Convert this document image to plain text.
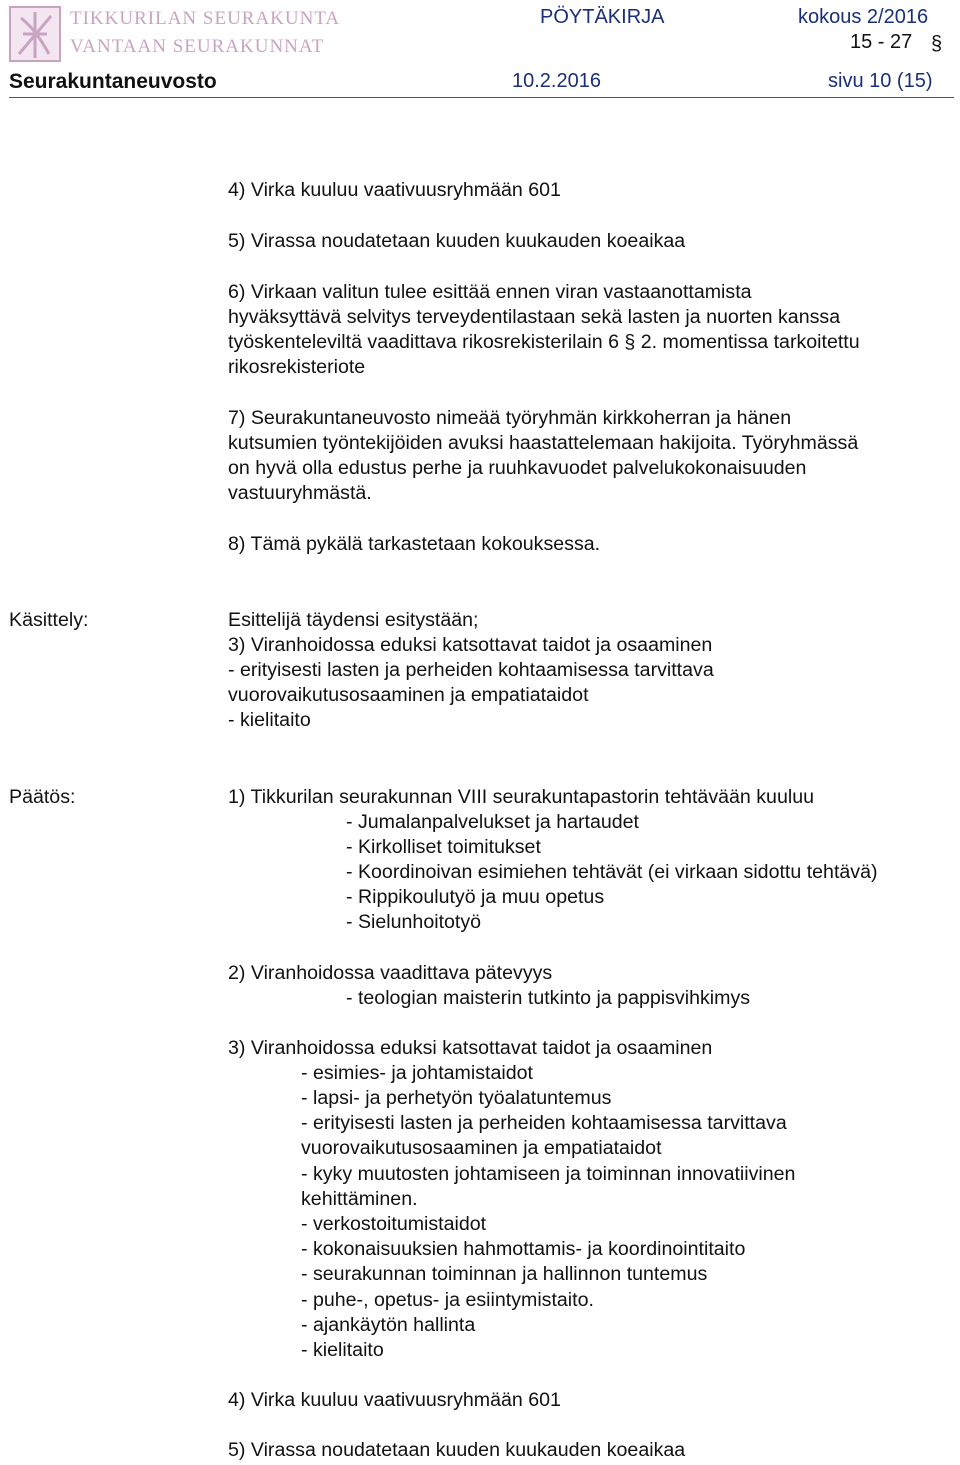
TIKKURILAN SEURAKUNTA

VANTAAN SEURAKUNNAT

PÖYTÄKIRJA	kokous 2/2016

15 - 27 §

Seurakuntaneuvosto	10.2.2016	sivu 10 (15)

4) Virka kuuluu vaativuusryhmään 601

5) Virassa noudatetaan kuuden kuukauden koeaikaa

6) Virkaan valitun tulee esittää ennen viran vastaanottamista

hyväksyttävä selvitys terveydentilastaan sekä lasten ja nuorten kanssa

työskenteleviltä vaadittava rikosrekisterilain 6 § 2. momentissa tarkoitettu

rikosrekisteriote

7) Seurakuntaneuvosto nimeää työryhmän kirkkoherran ja hänen

kutsumien työntekijöiden avuksi haastattelemaan hakijoita. Työryhmässä

on hyvä olla edustus perhe ja ruuhkavuodet palvelukokonaisuuden

vastuuryhmästä.

8) Tämä pykälä tarkastetaan kokouksessa.

Käsittely:	Esittelijä täydensi esitystään;

3) Viranhoidossa eduksi katsottavat taidot ja osaaminen

- erityisesti lasten ja perheiden kohtaamisessa tarvittava

vuorovaikutusosaaminen ja empatiataidot

- kielitaito

Päätös:	1) Tikkurilan seurakunnan VIII seurakuntapastorin tehtävään kuuluu

- Jumalanpalvelukset ja hartaudet

- Kirkolliset toimitukset

- Koordinoivan esimiehen tehtävät (ei virkaan sidottu tehtävä)

- Rippikoulutyö ja muu opetus

- Sielunhoitotyö

2) Viranhoidossa vaadittava pätevyys

- teologian maisterin tutkinto ja pappisvihkimys

3) Viranhoidossa eduksi katsottavat taidot ja osaaminen

- esimies- ja johtamistaidot

- lapsi- ja perhetyön työalatuntemus

- erityisesti lasten ja perheiden kohtaamisessa tarvittava

vuorovaikutusosaaminen ja empatiataidot

- kyky muutosten johtamiseen ja toiminnan innovatiivinen

kehittäminen.

- verkostoitumistaidot

- kokonaisuuksien hahmottamis- ja koordinointitaito

- seurakunnan toiminnan ja hallinnon tuntemus

- puhe-, opetus- ja esiintymistaito.

- ajankäytön hallinta

- kielitaito

4) Virka kuuluu vaativuusryhmään 601

5) Virassa noudatetaan kuuden kuukauden koeaikaa
